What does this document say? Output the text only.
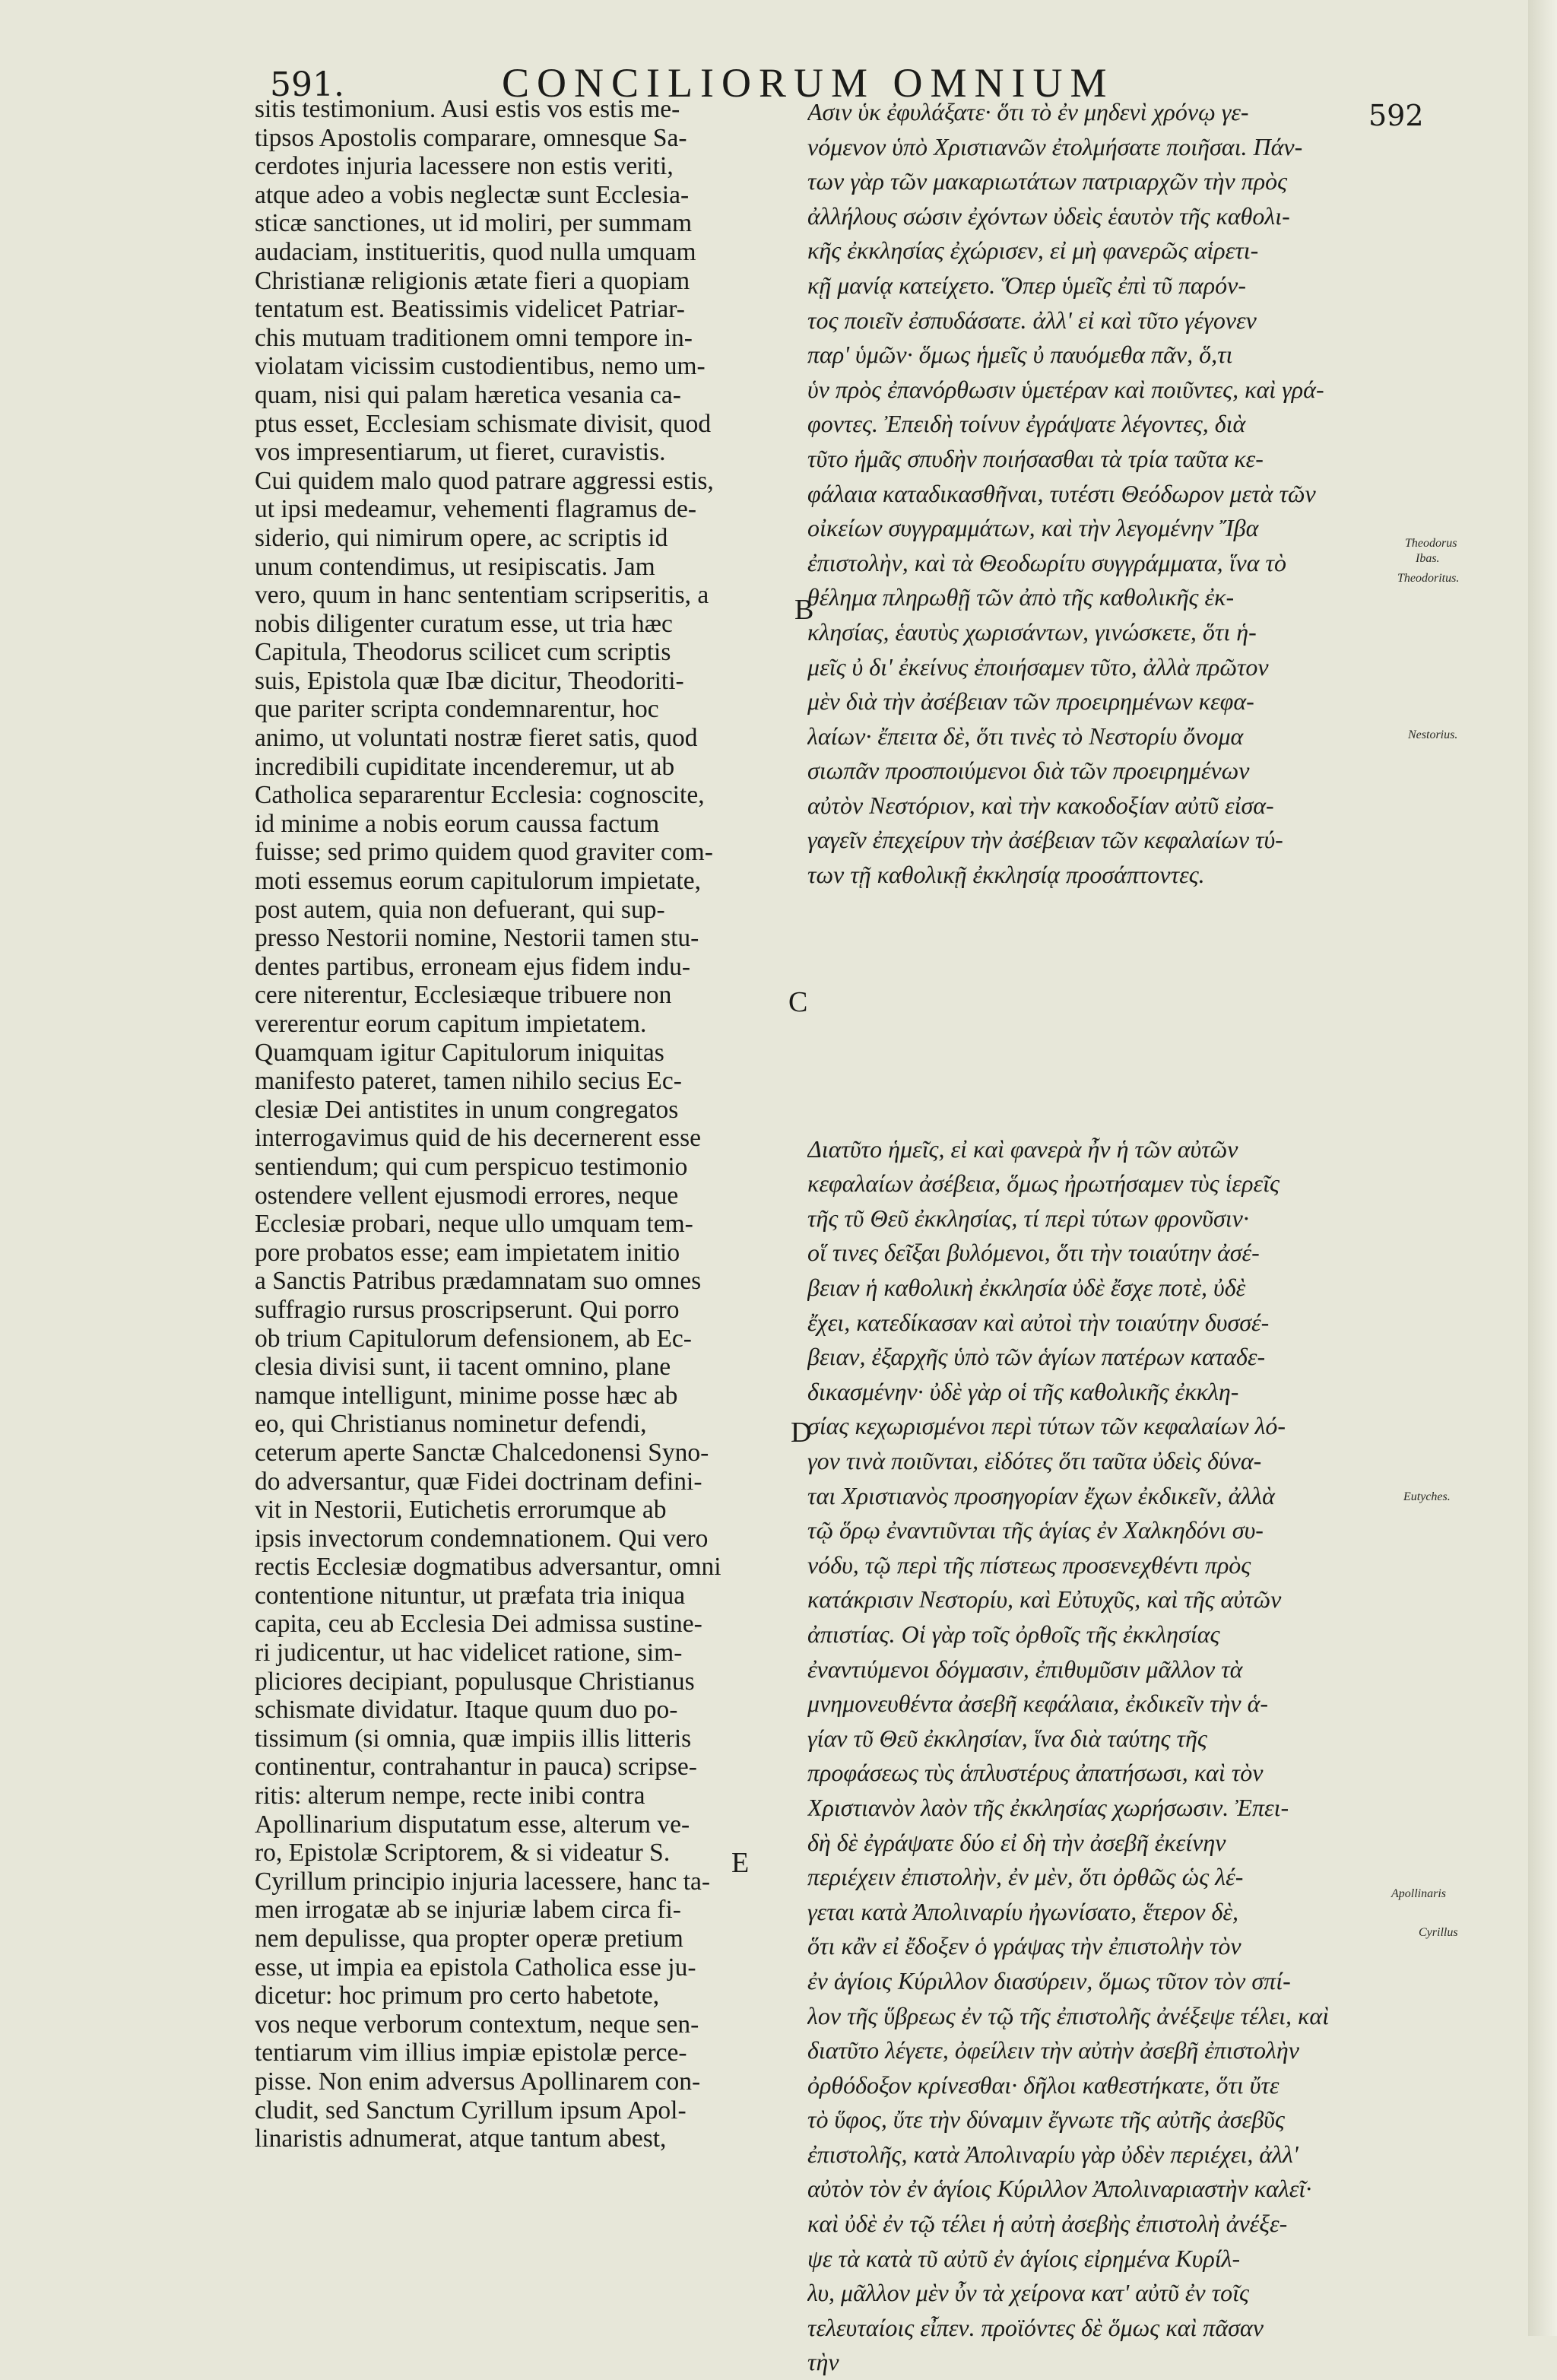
591.	CONCILIORUM OMNIUM
592
sitis testimonium. Ausi estis vos estis me-
tipsos Apostolis comparare, omnesque Sa-
cerdotes injuria lacessere non estis veriti,
atque adeo a vobis neglectæ sunt Ecclesia-
sticæ sanctiones, ut id moliri, per summam
audaciam, institueritis, quod nulla umquam
Christianæ religionis ætate fieri a quopiam
tentatum est. Beatissimis videlicet Patriar-
chis mutuam traditionem omni tempore in-
violatam vicissim custodientibus, nemo um-
quam, nisi qui palam hæretica vesania ca-
ptus esset, Ecclesiam schismate divisit, quod
vos impresentiarum, ut fieret, curavistis.
Cui quidem malo quod patrare aggressi estis,
ut ipsi medeamur, vehementi flagramus de-
siderio, qui nimirum opere, ac scriptis id
unum contendimus, ut resipiscatis. Jam
vero, quum in hanc sententiam scripseritis, a
nobis diligenter curatum esse, ut tria hæc
Capitula, Theodorus scilicet cum scriptis
suis, Epistola quæ Ibæ dicitur, Theodoriti-
que pariter scripta condemnarentur, hoc
animo, ut voluntati nostræ fieret satis, quod
incredibili cupiditate incenderemur, ut ab
Catholica separarentur Ecclesia: cognoscite,
id minime a nobis eorum caussa factum
fuisse; sed primo quidem quod graviter com-
moti essemus eorum capitulorum impietate,
post autem, quia non defuerant, qui sup-
presso Nestorii nomine, Nestorii tamen stu-
dentes partibus, erroneam ejus fidem indu-
cere niterentur, Ecclesiæque tribuere non
vererentur eorum capitum impietatem.
Quamquam igitur Capitulorum iniquitas
manifesto pateret, tamen nihilo secius Ec-
clesiæ Dei antistites in unum congregatos
interrogavimus quid de his decernerent esse
sentiendum; qui cum perspicuo testimonio
ostendere vellent ejusmodi errores, neque
Ecclesiæ probari, neque ullo umquam tem-
pore probatos esse; eam impietatem initio
a Sanctis Patribus prædamnatam suo omnes
suffragio rursus proscripserunt. Qui porro
ob trium Capitulorum defensionem, ab Ec-
clesia divisi sunt, ii tacent omnino, plane
namque intelligunt, minime posse hæc ab
eo, qui Christianus nominetur defendi,
ceterum aperte Sanctæ Chalcedonensi Syno-
do adversantur, quæ Fidei doctrinam defini-
vit in Nestorii, Eutichetis errorumque ab
ipsis invectorum condemnationem. Qui vero
rectis Ecclesiæ dogmatibus adversantur, omni
contentione nituntur, ut præfata tria iniqua
capita, ceu ab Ecclesia Dei admissa sustine-
ri judicentur, ut hac videlicet ratione, sim-
pliciores decipiant, populusque Christianus
schismate dividatur. Itaque quum duo po-
tissimum (si omnia, quæ impiis illis litteris
continentur, contrahantur in pauca) scripse-
ritis: alterum nempe, recte inibi contra
Apollinarium disputatum esse, alterum ve-
ro, Epistolæ Scriptorem, & si videatur S.
Cyrillum principio injuria lacessere, hanc ta-
men irrogatæ ab se injuriæ labem circa fi-
nem depulisse, qua propter operæ pretium
esse, ut impia ea epistola Catholica esse ju-
dicetur: hoc primum pro certo habetote,
vos neque verborum contextum, neque sen-
tentiarum vim illius impiæ epistolæ perce-
pisse. Non enim adversus Apollinarem con-
cludit, sed Sanctum Cyrillum ipsum Apol-
linaristis adnumerat, atque tantum abest,
Ασιν ὑκ ἐφυλάξατε· ὅτι τὸ ἐν μηδενὶ χρόνῳ γε-
νόμενον ὑπὸ Χριστιανῶν ἐτολμήσατε ποιῆσαι. Πάν-
των γὰρ τῶν μακαριωτάτων πατριαρχῶν τὴν πρὸς
ἀλλήλους σώσιν ἐχόντων ὐδεὶς ἑαυτὸν τῆς καθολι-
κῆς ἐκκλησίας ἐχώρισεν, εἰ μὴ φανερῶς αἱρετι-
κῇ μανίᾳ κατείχετο. Ὅπερ ὑμεῖς ἐπὶ τῦ παρόν-
τος ποιεῖν ἐσπυδάσατε. ἀλλ' εἰ καὶ τῦτο γέγονεν
παρ' ὑμῶν· ὅμως ἡμεῖς ὐ παυόμεθα πᾶν, ὅ,τι
ὑν πρὸς ἐπανόρθωσιν ὑμετέραν καὶ ποιῦντες, καὶ γρά-
φοντες. Ἐπειδὴ τοίνυν ἐγράψατε λέγοντες, διὰ
τῦτο ἡμᾶς σπυδὴν ποιήσασθαι τὰ τρία ταῦτα κε-
φάλαια καταδικασθῆναι, τυτέστι Θεόδωρον μετὰ τῶν
οἰκείων συγγραμμάτων, καὶ τὴν λεγομένην Ἴβα
ἐπιστολὴν, καὶ τὰ Θεοδωρίτυ συγγράμματα, ἵνα τὸ
θέλημα πληρωθῇ τῶν ἀπὸ τῆς καθολικῆς ἐκ-
κλησίας, ἑαυτὺς χωρισάντων, γινώσκετε, ὅτι ἡ-
μεῖς ὐ δι' ἐκείνυς ἐποιήσαμεν τῦτο, ἀλλὰ πρῶτον
μὲν διὰ τὴν ἀσέβειαν τῶν προειρημένων κεφα-
λαίων· ἔπειτα δὲ, ὅτι τινὲς τὸ Νεστορίυ ὄνομα
σιωπᾶν προσποιύμενοι διὰ τῶν προειρημένων
αὐτὸν Νεστόριον, καὶ τὴν κακοδοξίαν αὐτῦ εἰσα-
γαγεῖν ἐπεχείρυν τὴν ἀσέβειαν τῶν κεφαλαίων τύ-
των τῇ καθολικῇ ἐκκλησίᾳ προσάπτοντες.
Διατῦτο ἡμεῖς, εἰ καὶ φανερὰ ἦν ἡ τῶν αὐτῶν
κεφαλαίων ἀσέβεια, ὅμως ἠρωτήσαμεν τὺς ἱερεῖς
τῆς τῦ Θεῦ ἐκκλησίας, τί περὶ τύτων φρονῦσιν·
οἵ τινες δεῖξαι βυλόμενοι, ὅτι τὴν τοιαύτην ἀσέ-
βειαν ἡ καθολικὴ ἐκκλησία ὐδὲ ἔσχε ποτὲ, ὐδὲ
ἔχει, κατεδίκασαν καὶ αὐτοὶ τὴν τοιαύτην δυσσέ-
βειαν, ἐξαρχῆς ὑπὸ τῶν ἁγίων πατέρων καταδε-
δικασμένην· ὐδὲ γὰρ οἱ τῆς καθολικῆς ἐκκλη-
σίας κεχωρισμένοι περὶ τύτων τῶν κεφαλαίων λό-
γον τινὰ ποιῦνται, εἰδότες ὅτι ταῦτα ὐδεὶς δύνα-
ται Χριστιανὸς προσηγορίαν ἔχων ἐκδικεῖν, ἀλλὰ
τῷ ὅρῳ ἐναντιῦνται τῆς ἁγίας ἐν Χαλκηδόνι συ-
νόδυ, τῷ περὶ τῆς πίστεως προσενεχθέντι πρὸς
κατάκρισιν Νεστορίυ, καὶ Εὐτυχῦς, καὶ τῆς αὐτῶν
ἀπιστίας. Οἱ γὰρ τοῖς ὀρθοῖς τῆς ἐκκλησίας
ἐναντιύμενοι δόγμασιν, ἐπιθυμῦσιν μᾶλλον τὰ
μνημονευθέντα ἀσεβῆ κεφάλαια, ἐκδικεῖν τὴν ἁ-
γίαν τῦ Θεῦ ἐκκλησίαν, ἵνα διὰ ταύτης τῆς
προφάσεως τὺς ἁπλυστέρυς ἀπατήσωσι, καὶ τὸν
Χριστιανὸν λαὸν τῆς ἐκκλησίας χωρήσωσιν. Ἐπει-
δὴ δὲ ἐγράψατε δύο εἰ δὴ τὴν ἀσεβῆ ἐκείνην
περιέχειν ἐπιστολὴν, ἐν μὲν, ὅτι ὀρθῶς ὡς λέ-
γεται κατὰ Ἀπολιναρίυ ἠγωνίσατο, ἕτερον δὲ,
ὅτι κἂν εἰ ἔδοξεν ὁ γράψας τὴν ἐπιστολὴν τὸν
ἐν ἁγίοις Κύριλλον διασύρειν, ὅμως τῦτον τὸν σπί-
λον τῆς ὕβρεως ἐν τῷ τῆς ἐπιστολῆς ἀνέξεψε τέλει, καὶ
διατῦτο λέγετε, ὀφείλειν τὴν αὐτὴν ἀσεβῆ ἐπιστολὴν
ὀρθόδοξον κρίνεσθαι· δῆλοι καθεστήκατε, ὅτι ὔτε
τὸ ὕφος, ὔτε τὴν δύναμιν ἔγνωτε τῆς αὐτῆς ἀσεβῦς
ἐπιστολῆς, κατὰ Ἀπολιναρίυ γὰρ ὐδὲν περιέχει, ἀλλ'
αὐτὸν τὸν ἐν ἁγίοις Κύριλλον Ἀπολιναριαστὴν καλεῖ·
καὶ ὐδὲ ἐν τῷ τέλει ἡ αὐτὴ ἀσεβὴς ἐπιστολὴ ἀνέξε-
ψε τὰ κατὰ τῦ αὐτῦ ἐν ἁγίοις εἰρημένα Κυρίλ-
λυ, μᾶλλον μὲν ὖν τὰ χείρονα κατ' αὐτῦ ἐν τοῖς
τελευταίοις εἶπεν. προϊόντες δὲ ὅμως καὶ πᾶσαν
τὴν
B
C
D
E
Theodorus
Ibas.
Theodoritus.
Nestorius.
Eutyches.
Apollinaris
Cyrillus
